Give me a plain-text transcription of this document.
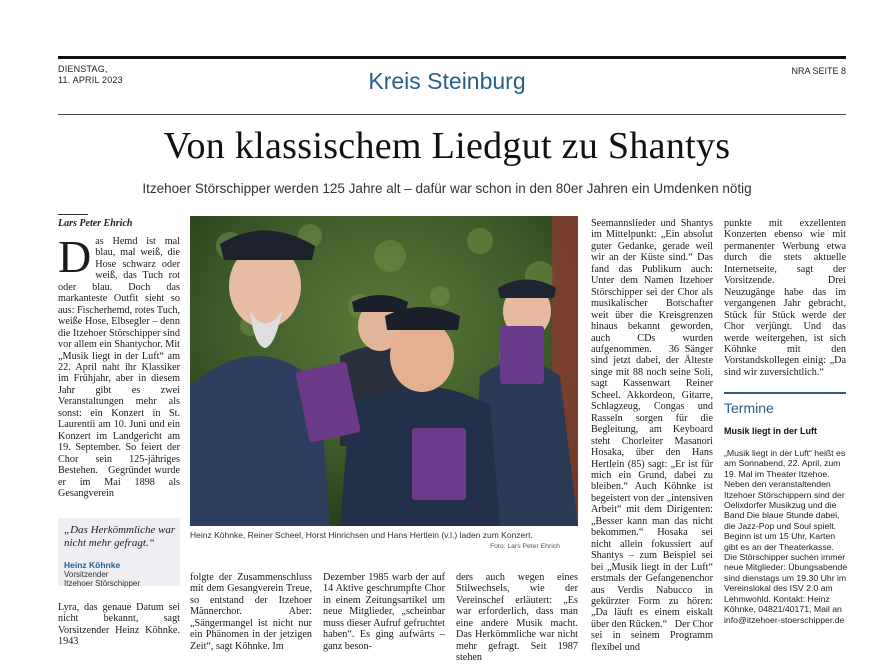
DIENSTAG,
11. APRIL 2023	Kreis Steinburg	NRA SEITE 8
Von klassischem Liedgut zu Shantys
Itzehoer Störschipper werden 125 Jahre alt – dafür war schon in den 80er Jahren ein Umdenken nötig
Lars Peter Ehrich

Das Hemd ist mal blau, mal weiß, die Hose schwarz oder weiß, das Tuch rot oder blau. Doch das markanteste Outfit sieht so aus: Fischerhemd, rotes Tuch, weiße Hose, Elbsegler – denn die Itzehoer Störschipper sind vor allem ein Shantychor. Mit „Musik liegt in der Luft“ am 22. April naht ihr Klassiker im Frühjahr, aber in diesem Jahr gibt es zwei Veranstaltungen mehr als sonst: ein Konzert in St. Laurentii am 10. Juni und ein Konzert im Landgericht am 19. September. So feiert der Chor sein 125-jähriges Bestehen.   Gegründet wurde er im Mai 1898 als Gesangverein

„Das Herkömmliche war nicht mehr gefragt.“
Heinz Köhnke
Vorsitzender
Itzehoer Störschipper

Lyra, das genaue Datum sei nicht bekannt, sagt Vorsitzender Heinz Köhnke. 1943

Heinz Köhnke, Reiner Scheel, Horst Hinrichsen und Hans Hertlein (v.l.) laden zum Konzert.
Foto: Lars Peter Ehrich

folgte der Zusammenschluss mit dem Gesangverein Treue, so entstand der Itzehoer Männerchor. Aber: „Sängermangel ist nicht nur ein Phänomen in der jetzigen Zeit“, sagt Köhnke. Im

Dezember 1985 warb der auf 14 Aktive geschrumpfte Chor in einem Zeitungsartikel um neue Mitglieder, „scheinbar muss dieser Aufruf gefruchtet haben“. Es ging aufwärts – ganz beson-

ders auch wegen eines Stilwechsels, wie der Vereinschef erläutert: „Es war erforderlich, dass man eine andere Musik macht. Das Herkömmliche war nicht mehr gefragt. Seit 1987 stehen

Seemannslieder und Shantys im Mittelpunkt: „Ein absolut guter Gedanke, gerade weil wir an der Küste sind.“ Das fand das Publikum auch: Unter dem Namen Itzehoer Störschipper sei der Chor als musikalischer Botschafter weit über die Kreisgrenzen hinaus bekannt geworden, auch CDs wurden aufgenommen.   36 Sänger sind jetzt dabei, der Älteste singe mit 88 noch seine Soli, sagt Kassenwart Reiner Scheel. Akkordeon, Gitarre, Schlagzeug, Congas und Rasseln sorgen für die Begleitung, am Keyboard steht Chorleiter Masanori Hosaka, über den Hans Hertlein (85) sagt: „Er ist für mich ein Grund, dabei zu bleiben.“ Auch Köhnke ist begeistert von der „intensiven Arbeit“ mit dem Dirigenten: „Besser kann man das nicht bekommen.“ Hosaka sei nicht allein fokussiert auf Shantys – zum Beispiel sei bei „Musik liegt in der Luft“ erstmals der Gefangenenchor aus Verdis Nabucco in gekürzter Form zu hören: „Da läuft es einem eiskalt über den Rücken.“   Der Chor sei in seinem Programm flexibel und

punkte mit exzellenten Konzerten ebenso wie mit permanenter Werbung etwa durch die stets aktuelle Internetseite, sagt der Vorsitzende. Drei Neuzugänge habe das im vergangenen Jahr gebracht, Stück für Stück werde der Chor verjüngt. Und das werde weitergehen, ist sich Köhnke mit den Vorstandskollegen einig: „Da sind wir zuversichtlich.“

Termine
Musik liegt in der Luft

„Musik liegt in der Luft“ heißt es am Sonnabend, 22. April, zum 19. Mal im Theater Itzehoe. Neben den veranstaltenden Itzehoer Störschippern sind der Oelixdorfer Musikzug und die Band Die blaue Stunde dabei, die Jazz-Pop und Soul spielt. Beginn ist um 15 Uhr, Karten gibt es an der Theaterkasse. Die Störschipper suchen immer neue Mitglieder: Übungsabende sind dienstags um 19.30 Uhr im Vereinslokal des ISV 2.0 am Lehmwohld. Kontakt: Heinz Köhnke, 04821/40171, Mail an info@itzehoer-stoerschipper.de
